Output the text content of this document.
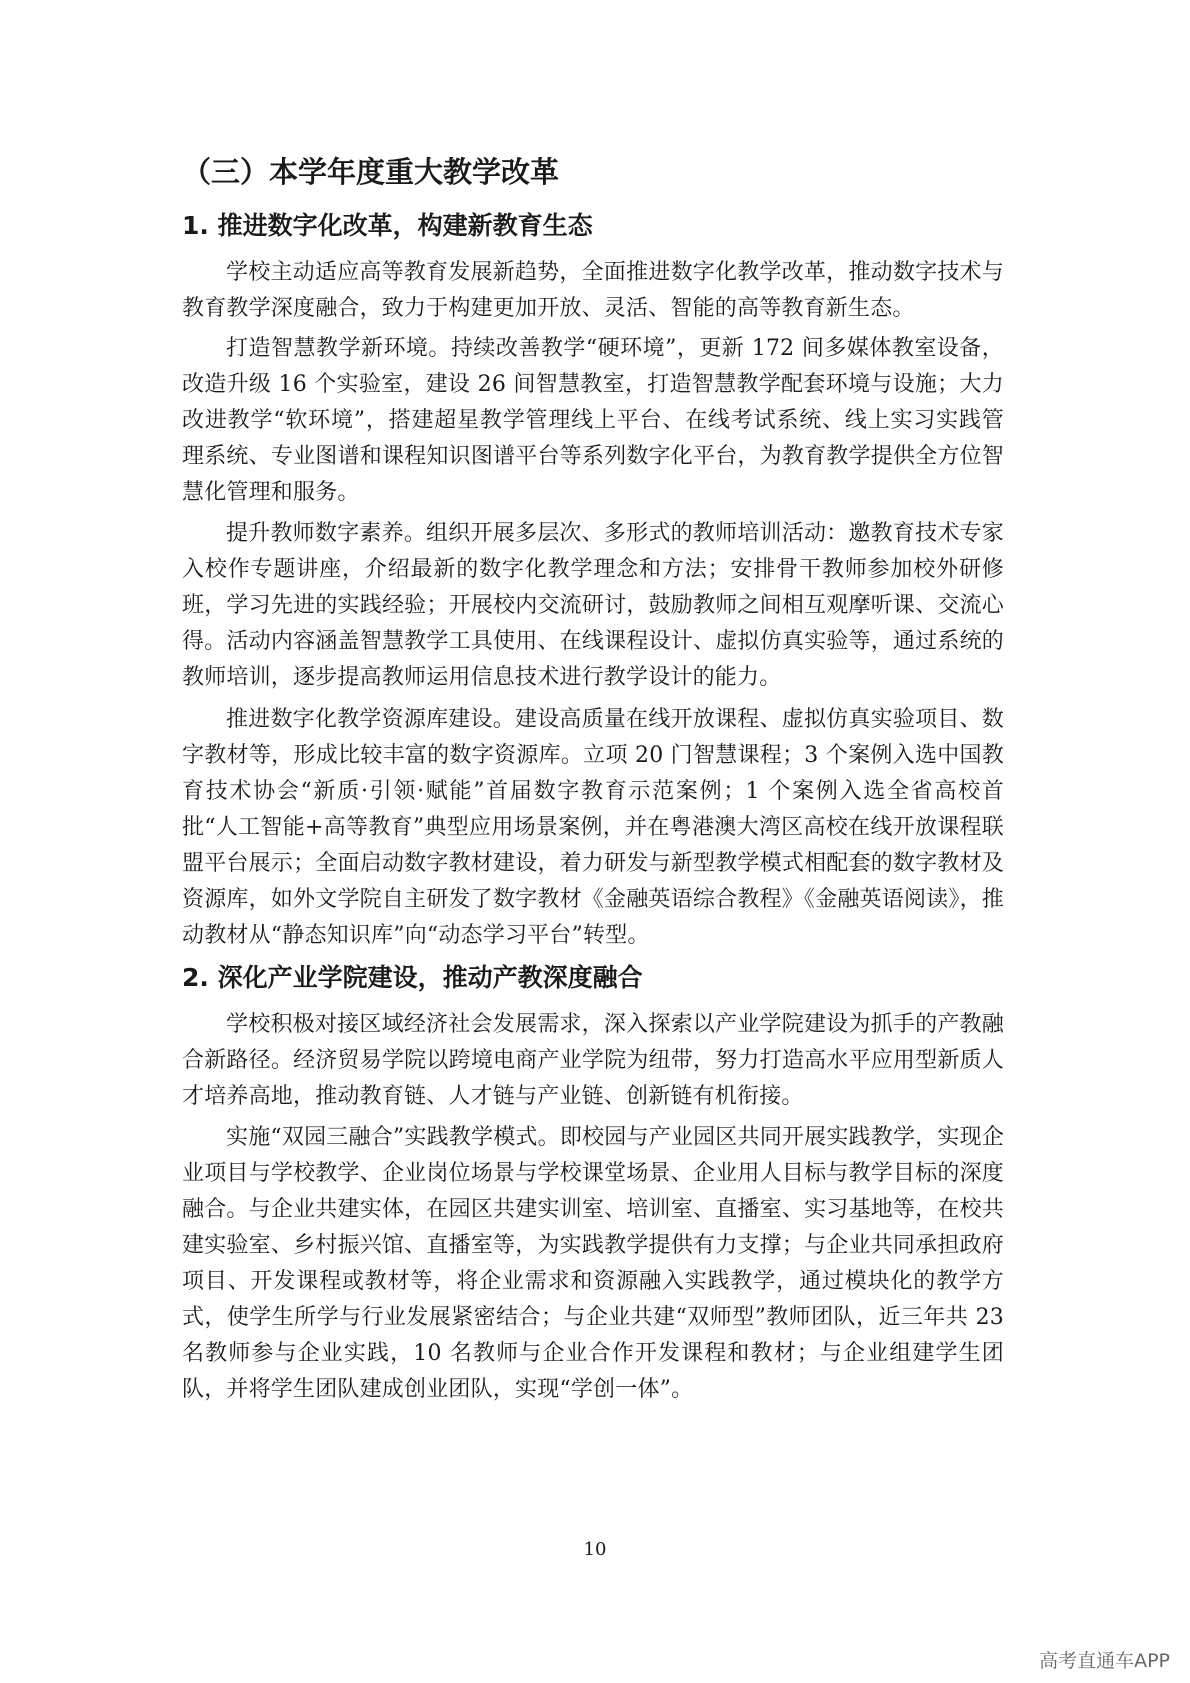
（三）本学年度重大教学改革
1. 推进数字化改革，构建新教育生态

学校主动适应高等教育发展新趋势，全面推进数字化教学改革，推动数字技术与教育教学深度融合，致力于构建更加开放、灵活、智能的高等教育新生态。

打造智慧教学新环境。持续改善教学“硬环境”，更新 172 间多媒体教室设备，改造升级 16 个实验室，建设 26 间智慧教室，打造智慧教学配套环境与设施；大力改进教学“软环境”，搭建超星教学管理线上平台、在线考试系统、线上实习实践管理系统、专业图谱和课程知识图谱平台等系列数字化平台，为教育教学提供全方位智慧化管理和服务。

提升教师数字素养。组织开展多层次、多形式的教师培训活动：邀教育技术专家入校作专题讲座，介绍最新的数字化教学理念和方法；安排骨干教师参加校外研修班，学习先进的实践经验；开展校内交流研讨，鼓励教师之间相互观摩听课、交流心得。活动内容涵盖智慧教学工具使用、在线课程设计、虚拟仿真实验等，通过系统的教师培训，逐步提高教师运用信息技术进行教学设计的能力。

推进数字化教学资源库建设。建设高质量在线开放课程、虚拟仿真实验项目、数字教材等，形成比较丰富的数字资源库。立项 20 门智慧课程；3 个案例入选中国教育技术协会“新质·引领·赋能”首届数字教育示范案例；1 个案例入选全省高校首批“人工智能+高等教育”典型应用场景案例，并在粤港澳大湾区高校在线开放课程联盟平台展示；全面启动数字教材建设，着力研发与新型教学模式相配套的数字教材及资源库，如外文学院自主研发了数字教材《金融英语综合教程》《金融英语阅读》，推动教材从“静态知识库”向“动态学习平台”转型。

2. 深化产业学院建设，推动产教深度融合

学校积极对接区域经济社会发展需求，深入探索以产业学院建设为抓手的产教融合新路径。经济贸易学院以跨境电商产业学院为纽带，努力打造高水平应用型新质人才培养高地，推动教育链、人才链与产业链、创新链有机衔接。

实施“双园三融合”实践教学模式。即校园与产业园区共同开展实践教学，实现企业项目与学校教学、企业岗位场景与学校课堂场景、企业用人目标与教学目标的深度融合。与企业共建实体，在园区共建实训室、培训室、直播室、实习基地等，在校共建实验室、乡村振兴馆、直播室等，为实践教学提供有力支撑；与企业共同承担政府项目、开发课程或教材等，将企业需求和资源融入实践教学，通过模块化的教学方式，使学生所学与行业发展紧密结合；与企业共建“双师型”教师团队，近三年共 23 名教师参与企业实践，10 名教师与企业合作开发课程和教材；与企业组建学生团队，并将学生团队建成创业团队，实现“学创一体”。

10
高考直通车APP
